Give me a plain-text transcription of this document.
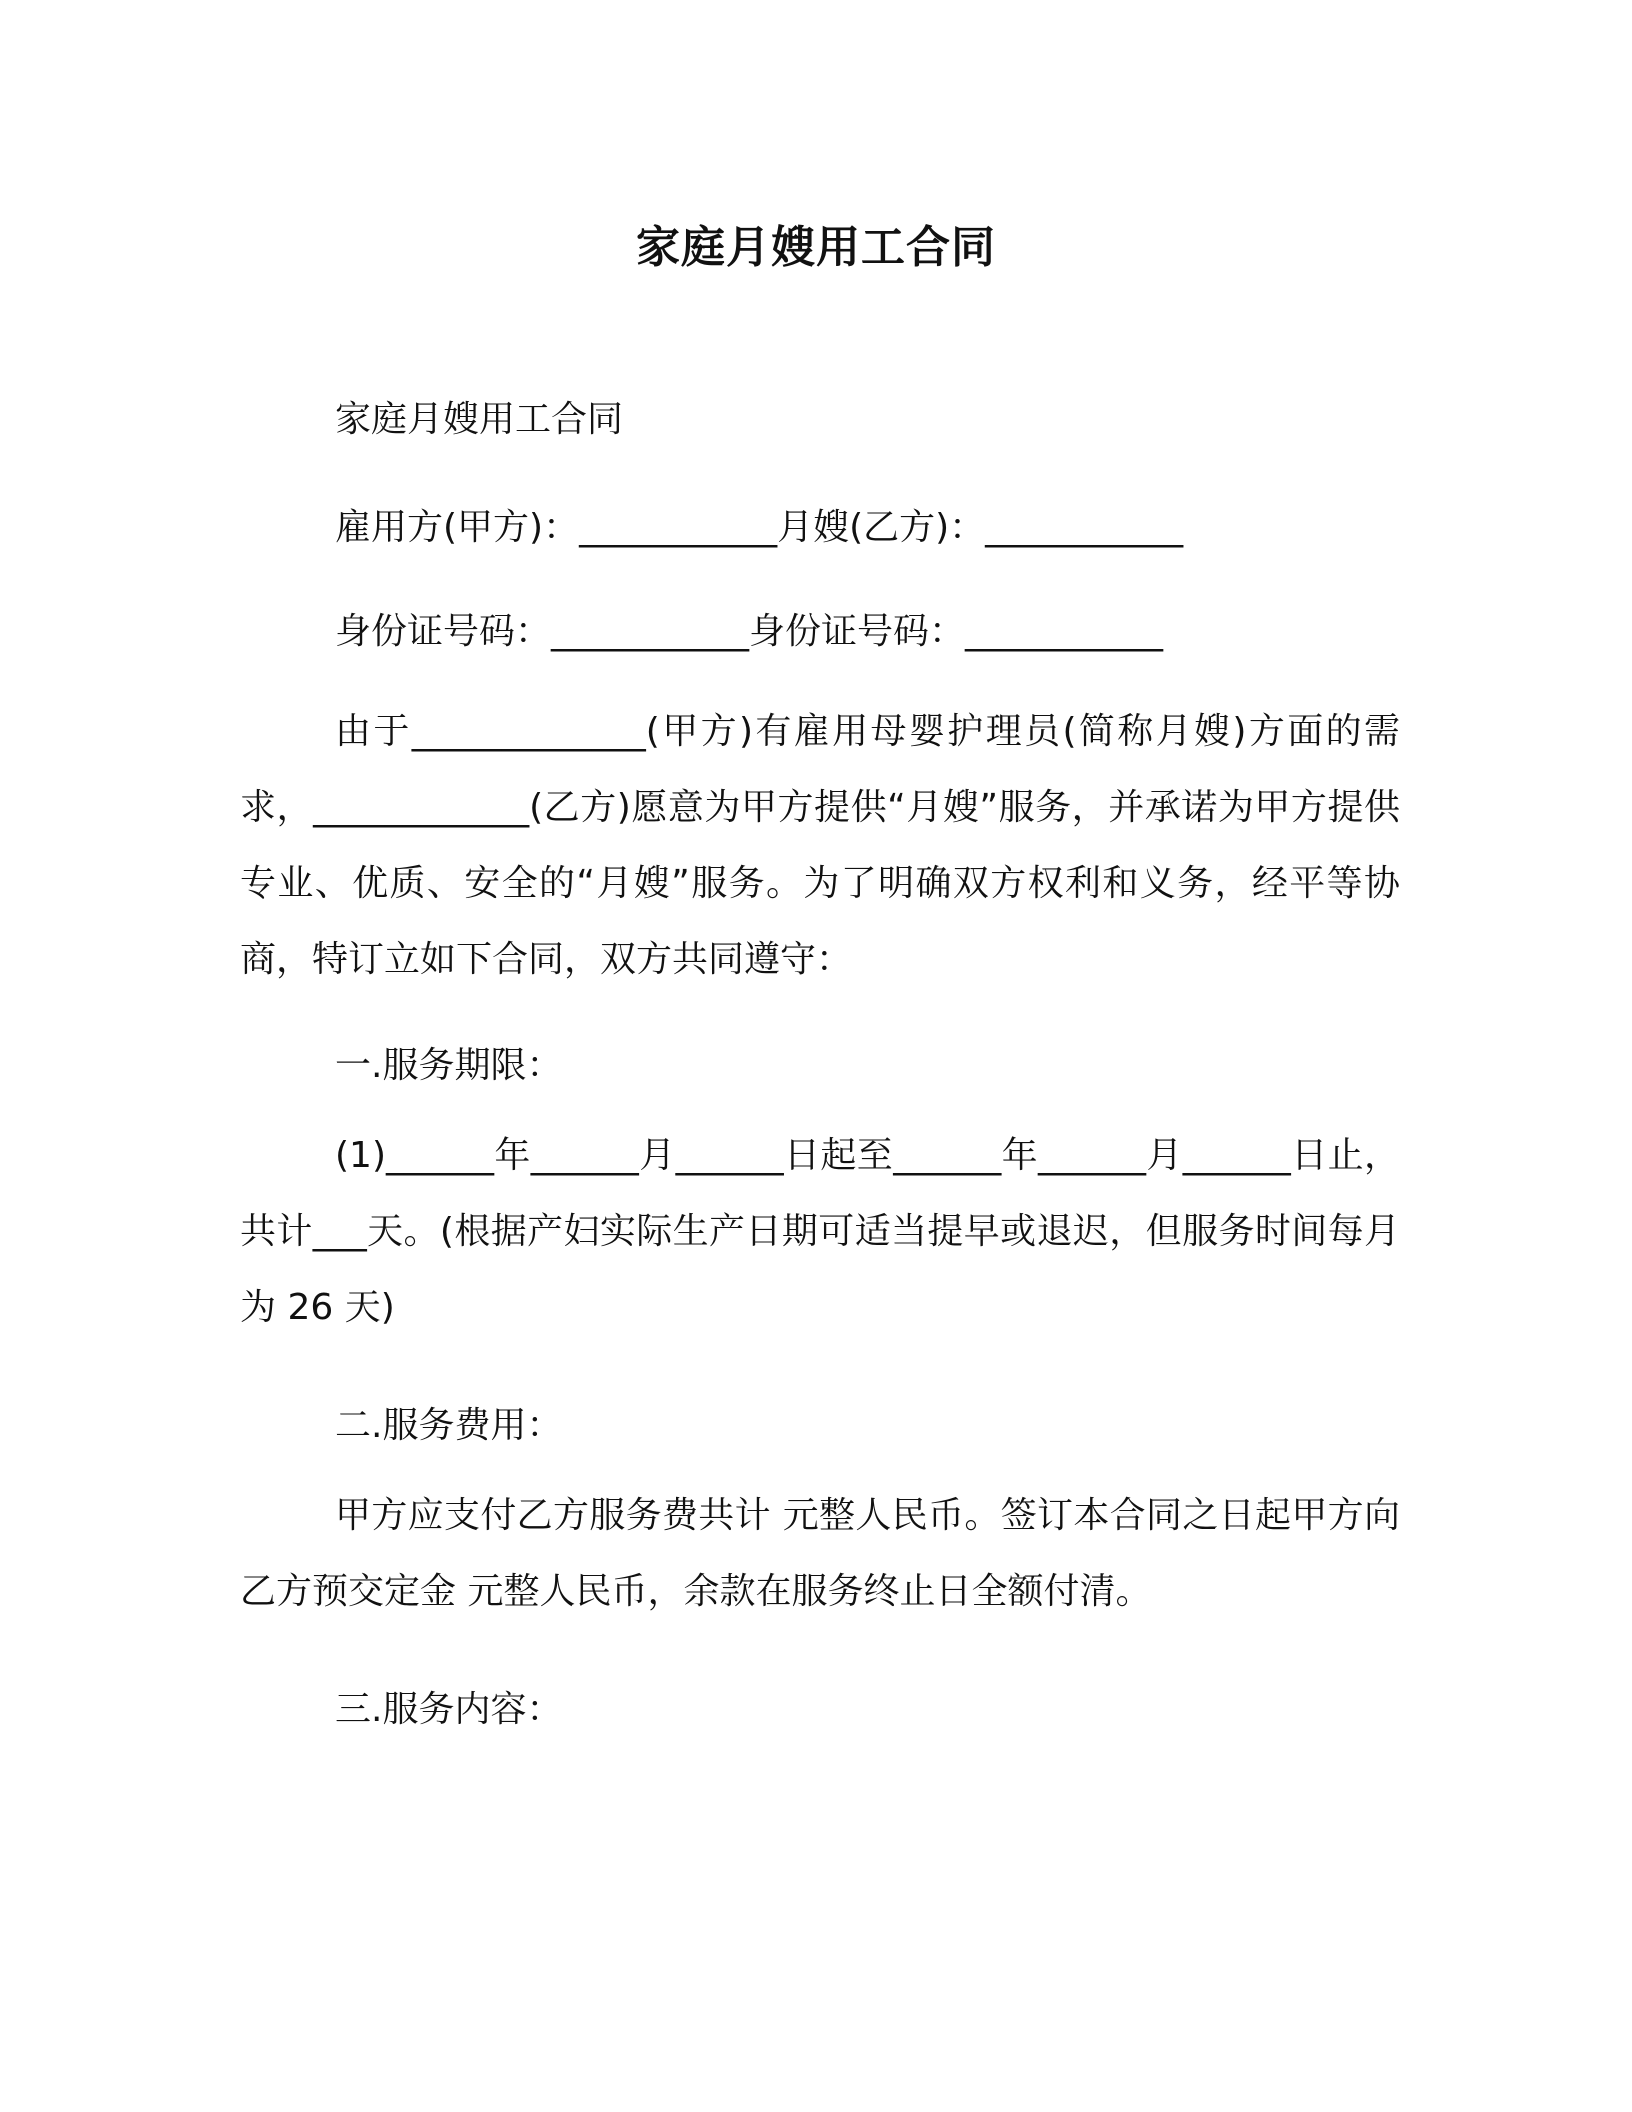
家庭月嫂用工合同
家庭月嫂用工合同
雇用方(甲方)：___________月嫂(乙方)：___________
身份证号码：___________身份证号码：___________
由于_____________(甲方)有雇用母婴护理员(简称月嫂)方面的需求，____________(乙方)愿意为甲方提供“月嫂”服务，并承诺为甲方提供专业、优质、安全的“月嫂”服务。为了明确双方权利和义务，经平等协商，特订立如下合同，双方共同遵守：
一.服务期限：
(1)______年______月______日起至______年______月______日止，共计___天。(根据产妇实际生产日期可适当提早或退迟，但服务时间每月为 26 天)
二.服务费用：
甲方应支付乙方服务费共计 元整人民币。签订本合同之日起甲方向乙方预交定金 元整人民币，余款在服务终止日全额付清。
三.服务内容：
